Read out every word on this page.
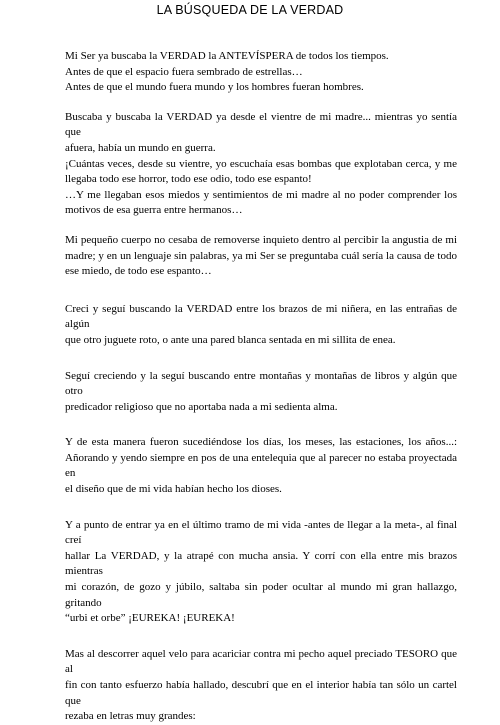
LA BÚSQUEDA DE LA VERDAD

Mi Ser ya buscaba la VERDAD la ANTEVÍSPERA de todos los tiempos.
Antes de que el espacio fuera sembrado de estrellas…
Antes de que el mundo fuera mundo y los hombres fueran hombres.

Buscaba y buscaba la VERDAD ya desde el vientre de mi madre... mientras yo sentía que
afuera, había un mundo en guerra.
¡Cuántas veces, desde su vientre, yo escuchaía esas bombas que explotaban cerca, y me
llegaba todo ese horror, todo ese odio, todo ese espanto!
…Y me llegaban esos miedos y sentimientos de mi madre al no poder comprender los
motivos de esa guerra entre hermanos…

Mi pequeño cuerpo no cesaba de removerse inquieto dentro al percibir la angustia de mi
madre; y en un lenguaje sin palabras, ya mi Ser se preguntaba cuál sería la causa de todo
ese miedo, de todo ese espanto…

Creci y seguí buscando la VERDAD entre los brazos de mi niñera, en las entrañas de algún
que otro juguete roto, o ante una pared blanca sentada en mi sillita de enea.

Seguí creciendo y la seguí buscando entre montañas y montañas de libros y algún que otro
predicador religioso que no aportaba nada a mi sedienta alma.

Y de esta manera fueron sucediéndose los días, los meses, las estaciones, los años...:
Añorando y yendo siempre en pos de una entelequia que al parecer no estaba proyectada en
el diseño que de mi vida habían hecho los dioses.

Y a punto de entrar ya en el último tramo de mi vida -antes de llegar a la meta-, al final creí
hallar La VERDAD, y la atrapé con mucha ansia. Y corrí con ella entre mis brazos mientras
mi corazón, de gozo y júbilo, saltaba sin poder ocultar al mundo mi gran hallazgo, gritando
“urbi et orbe” ¡EUREKA! ¡EUREKA!

Mas al descorrer aquel velo para acariciar contra mi pecho aquel preciado TESORO que al
fin con tanto esfuerzo había hallado, descubrí que en el interior había tan sólo un cartel que
rezaba en letras muy grandes:
